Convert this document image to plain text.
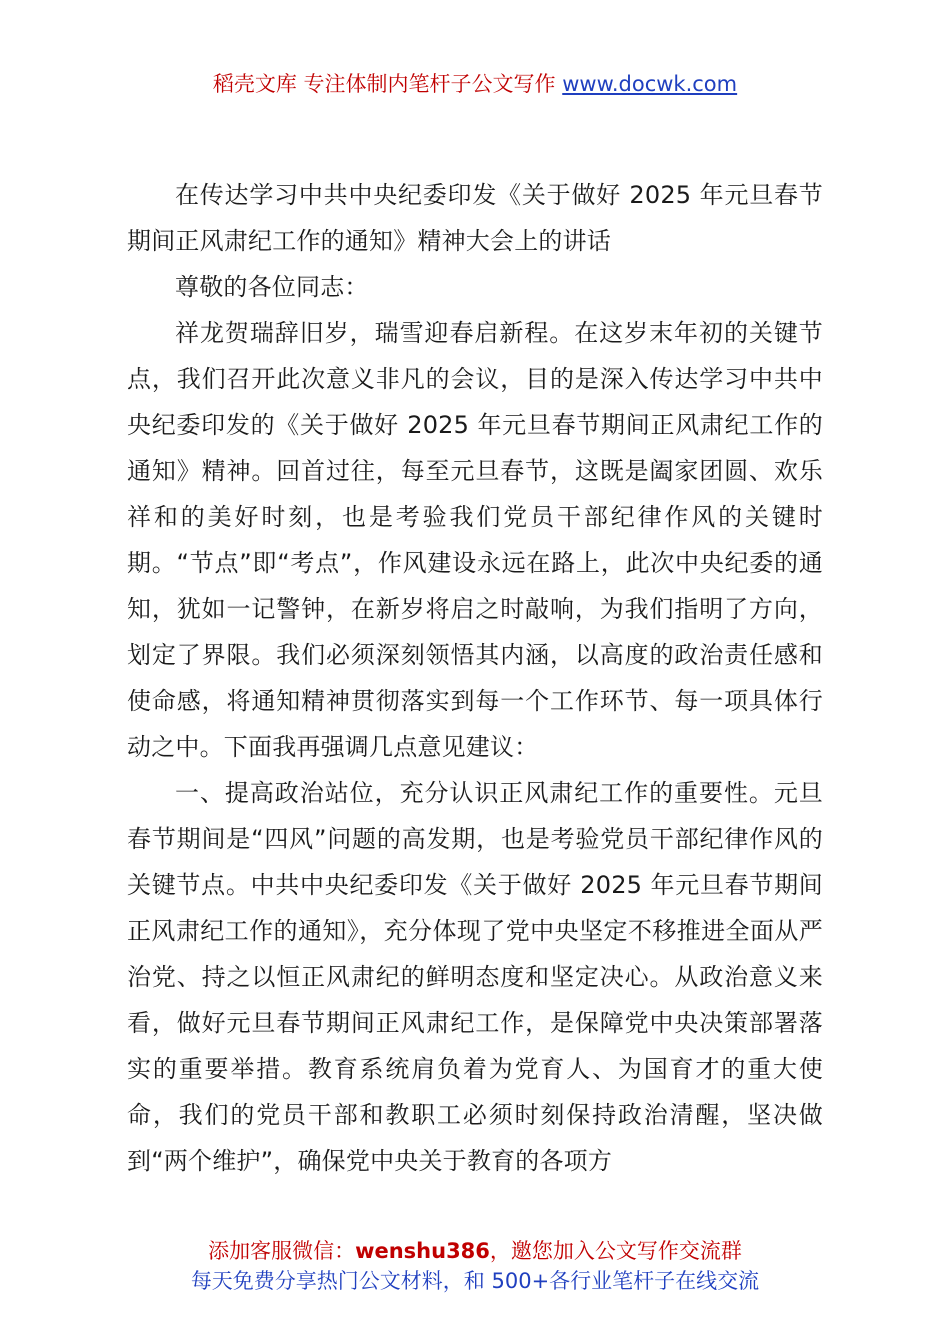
稻壳文库 专注体制内笔杆子公文写作 www.docwk.com

在传达学习中共中央纪委印发《关于做好 2025 年元旦春节期间正风肃纪工作的通知》精神大会上的讲话

尊敬的各位同志：

祥龙贺瑞辞旧岁，瑞雪迎春启新程。在这岁末年初的关键节点，我们召开此次意义非凡的会议，目的是深入传达学习中共中央纪委印发的《关于做好 2025 年元旦春节期间正风肃纪工作的通知》精神。回首过往，每至元旦春节，这既是阖家团圆、欢乐祥和的美好时刻，也是考验我们党员干部纪律作风的关键时期。“节点”即“考点”，作风建设永远在路上，此次中央纪委的通知，犹如一记警钟，在新岁将启之时敲响，为我们指明了方向，划定了界限。我们必须深刻领悟其内涵，以高度的政治责任感和使命感，将通知精神贯彻落实到每一个工作环节、每一项具体行动之中。下面我再强调几点意见建议：

一、提高政治站位，充分认识正风肃纪工作的重要性。元旦春节期间是“四风”问题的高发期，也是考验党员干部纪律作风的关键节点。中共中央纪委印发《关于做好 2025 年元旦春节期间正风肃纪工作的通知》，充分体现了党中央坚定不移推进全面从严治党、持之以恒正风肃纪的鲜明态度和坚定决心。从政治意义来看，做好元旦春节期间正风肃纪工作，是保障党中央决策部署落实的重要举措。教育系统肩负着为党育人、为国育才的重大使命，我们的党员干部和教职工必须时刻保持政治清醒，坚决做到“两个维护”，确保党中央关于教育的各项方

添加客服微信：wenshu386，邀您加入公文写作交流群
每天免费分享热门公文材料，和 500+各行业笔杆子在线交流
